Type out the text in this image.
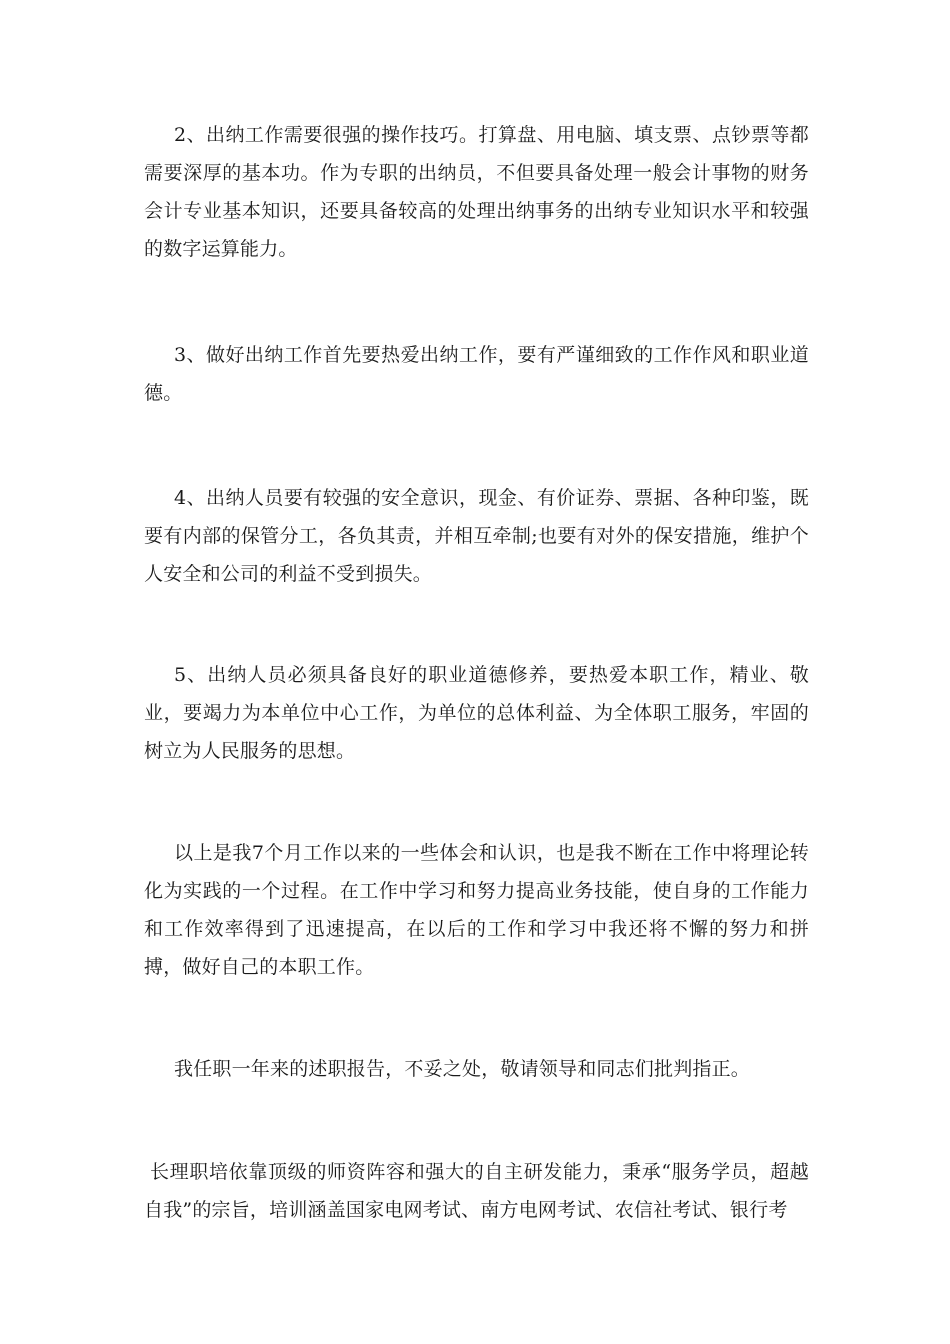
2、出纳工作需要很强的操作技巧。打算盘、用电脑、填支票、点钞票等都需要深厚的基本功。作为专职的出纳员，不但要具备处理一般会计事物的财务会计专业基本知识，还要具备较高的处理出纳事务的出纳专业知识水平和较强的数字运算能力。

3、做好出纳工作首先要热爱出纳工作，要有严谨细致的工作作风和职业道德。

4、出纳人员要有较强的安全意识，现金、有价证券、票据、各种印鉴，既要有内部的保管分工，各负其责，并相互牵制;也要有对外的保安措施，维护个人安全和公司的利益不受到损失。

5、出纳人员必须具备良好的职业道德修养，要热爱本职工作，精业、敬业，要竭力为本单位中心工作，为单位的总体利益、为全体职工服务，牢固的树立为人民服务的思想。

以上是我7个月工作以来的一些体会和认识，也是我不断在工作中将理论转化为实践的一个过程。在工作中学习和努力提高业务技能，使自身的工作能力和工作效率得到了迅速提高，在以后的工作和学习中我还将不懈的努力和拼搏，做好自己的本职工作。

我任职一年来的述职报告，不妥之处，敬请领导和同志们批判指正。

长理职培依靠顶级的师资阵容和强大的自主研发能力，秉承“服务学员，超越自我”的宗旨，培训涵盖国家电网考试、南方电网考试、农信社考试、银行考
